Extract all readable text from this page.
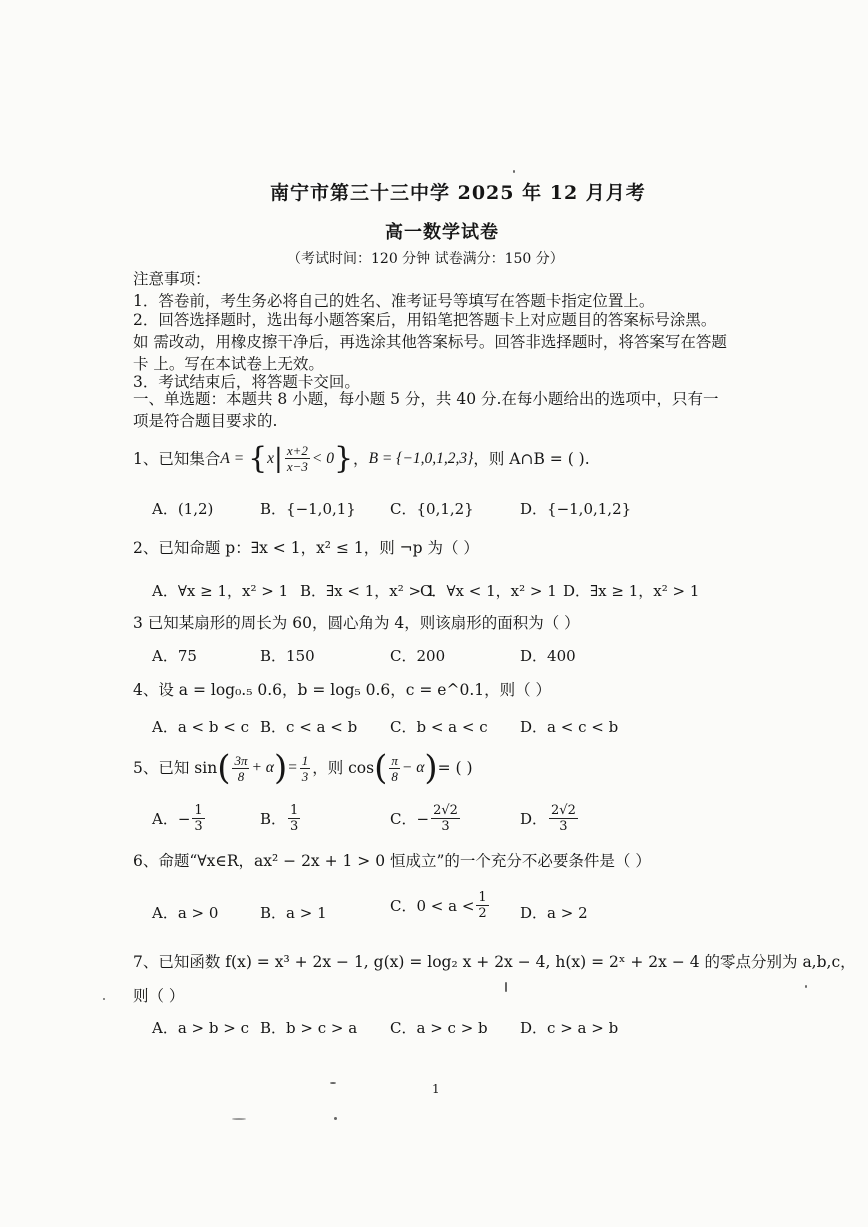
南宁市第三十三中学 2025 年 12 月月考
高一数学试卷
（考试时间：120 分钟 试卷满分：150 分）
注意事项：
1．答卷前，考生务必将自己的姓名、准考证号等填写在答题卡指定位置上。
2．回答选择题时，选出每小题答案后，用铅笔把答题卡上对应题目的答案标号涂黑。如 需改动，用橡皮擦干净后，再选涂其他答案标号。回答非选择题时，将答案写在答题卡 上。写在本试卷上无效。
3．考试结束后，将答题卡交回。
一、单选题：本题共 8 小题，每小题 5 分，共 40 分.在每小题给出的选项中，只有一项是符合题目要求的.
1、已知集合 A = { x | $\frac{x+2}{x-3} < 0$ } ， B = {−1,0,1,2,3} ，则 A∩B = ( ).
A．(1,2)	B．{−1,0,1} C．{0,1,2}	D．{−1,0,1,2}
2、已知命题 p：∃x < 1，x² ≤ 1，则 ¬p 为（ ）
A．∀x ≥ 1，x² > 1 B．∃x < 1，x² > 1
C．∀x < 1，x² > 1 D．∃x ≥ 1，x² > 1
3 已知某扇形的周长为 60，圆心角为 4，则该扇形的面积为（ ）
A．75	B．150	C．200	D．400
4、设 a = log₀.₅ 0.6，b = log₅ 0.6，c = e^0.1，则（ ）
A．a < b < c B．c < a < b C．b < a < c D．a < c < b
5、已知 sin ( $\frac{3\pi}{8} + \alpha$ ) = $\frac{1}{3}$ ，则 cos ( $\frac{\pi}{8} - \alpha$ ) = ( )
A． − $\frac{1}{3}$	B． $\frac{1}{3}$	C． − $\frac{2√2}{3}$	D． $\frac{2√2}{3}$
6、命题“∀x∈R，ax² − 2x + 1 > 0 恒成立”的一个充分不必要条件是（ ）
A．a > 0	B．a > 1	C．$0 < a < \frac{1}{2}$ D．a > 2
7、已知函数 f(x) = x³ + 2x − 1, g(x) = log₂ x + 2x − 4, h(x) = 2ˣ + 2x − 4 的零点分别为 a,b,c，
则（ ）
A．a > b > c B．b > c > a C．a > c > b D．c > a > b
1
